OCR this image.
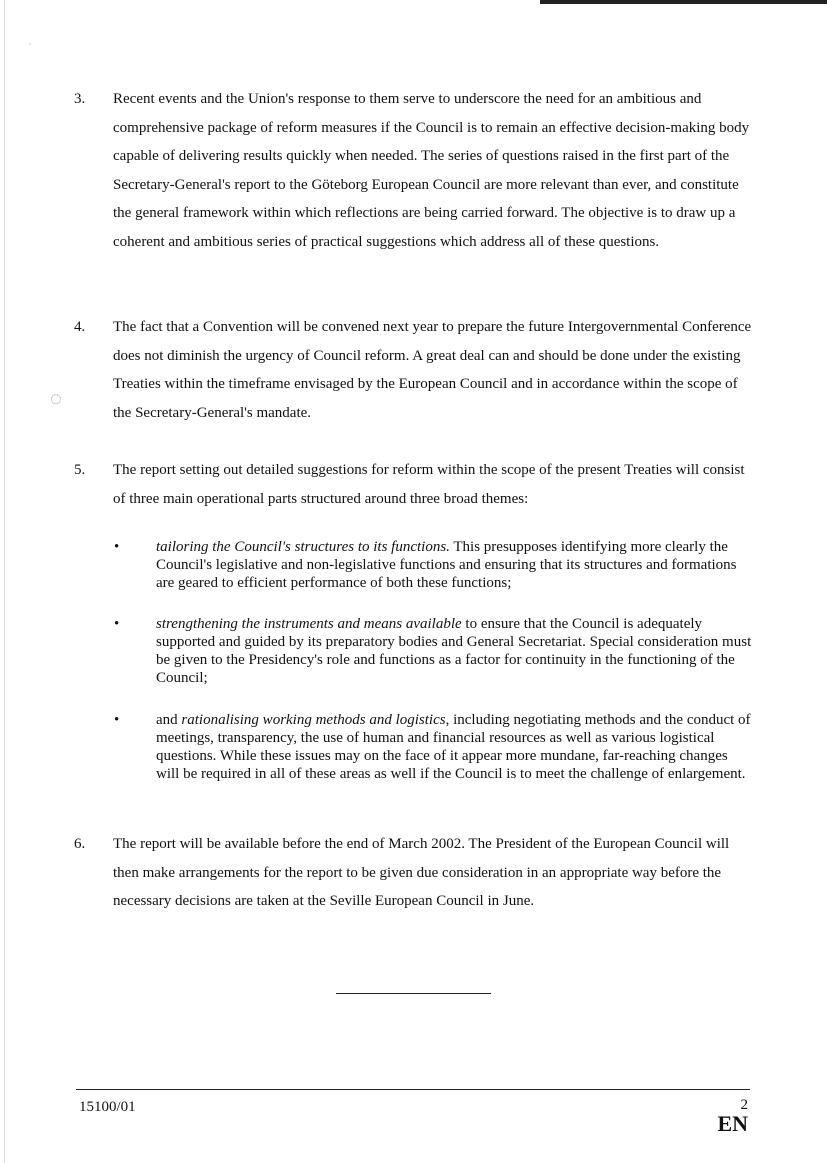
˙
◌
3. Recent events and the Union's response to them serve to underscore the need for an ambitious and comprehensive package of reform measures if the Council is to remain an effective decision-making body capable of delivering results quickly when needed. The series of questions raised in the first part of the Secretary-General's report to the Göteborg European Council are more relevant than ever, and constitute the general framework within which reflections are being carried forward. The objective is to draw up a coherent and ambitious series of practical suggestions which address all of these questions.
4. The fact that a Convention will be convened next year to prepare the future Intergovernmental Conference does not diminish the urgency of Council reform. A great deal can and should be done under the existing Treaties within the timeframe envisaged by the European Council and in accordance within the scope of the Secretary-General's mandate.
5. The report setting out detailed suggestions for reform within the scope of the present Treaties will consist of three main operational parts structured around three broad themes:
• tailoring the Council's structures to its functions. This presupposes identifying more clearly the Council's legislative and non-legislative functions and ensuring that its structures and formations are geared to efficient performance of both these functions;
• strengthening the instruments and means available to ensure that the Council is adequately supported and guided by its preparatory bodies and General Secretariat. Special consideration must be given to the Presidency's role and functions as a factor for continuity in the functioning of the Council;
• and rationalising working methods and logistics, including negotiating methods and the conduct of meetings, transparency, the use of human and financial resources as well as various logistical questions. While these issues may on the face of it appear more mundane, far-reaching changes will be required in all of these areas as well if the Council is to meet the challenge of enlargement.
6. The report will be available before the end of March 2002. The President of the European Council will then make arrangements for the report to be given due consideration in an appropriate way before the necessary decisions are taken at the Seville European Council in June.
15100/01	2
EN
